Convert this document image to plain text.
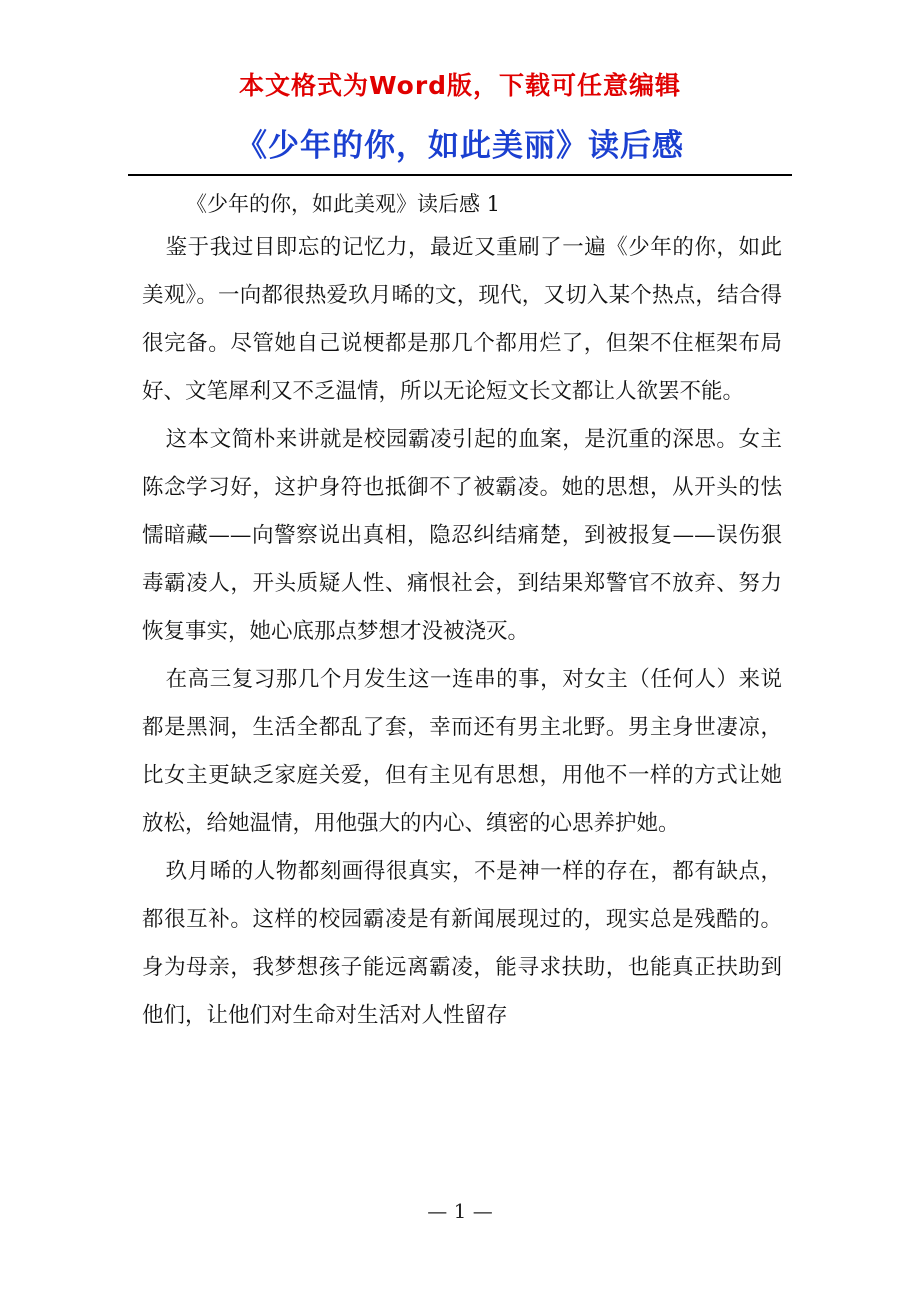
本文格式为Word版，下载可任意编辑
《少年的你，如此美丽》读后感

《少年的你，如此美观》读后感 1

鉴于我过目即忘的记忆力，最近又重刷了一遍《少年的你，如此美观》。一向都很热爱玖月晞的文，现代，又切入某个热点，结合得很完备。尽管她自己说梗都是那几个都用烂了，但架不住框架布局好、文笔犀利又不乏温情，所以无论短文长文都让人欲罢不能。

这本文简朴来讲就是校园霸凌引起的血案，是沉重的深思。女主陈念学习好，这护身符也抵御不了被霸凌。她的思想，从开头的怯懦暗藏——向警察说出真相，隐忍纠结痛楚，到被报复——误伤狠毒霸凌人，开头质疑人性、痛恨社会，到结果郑警官不放弃、努力恢复事实，她心底那点梦想才没被浇灭。

在高三复习那几个月发生这一连串的事，对女主（任何人）来说都是黑洞，生活全都乱了套，幸而还有男主北野。男主身世凄凉，比女主更缺乏家庭关爱，但有主见有思想，用他不一样的方式让她放松，给她温情，用他强大的内心、缜密的心思养护她。

玖月晞的人物都刻画得很真实，不是神一样的存在，都有缺点，都很互补。这样的校园霸凌是有新闻展现过的，现实总是残酷的。身为母亲，我梦想孩子能远离霸凌，能寻求扶助，也能真正扶助到他们，让他们对生命对生活对人性留存

— 1 —
